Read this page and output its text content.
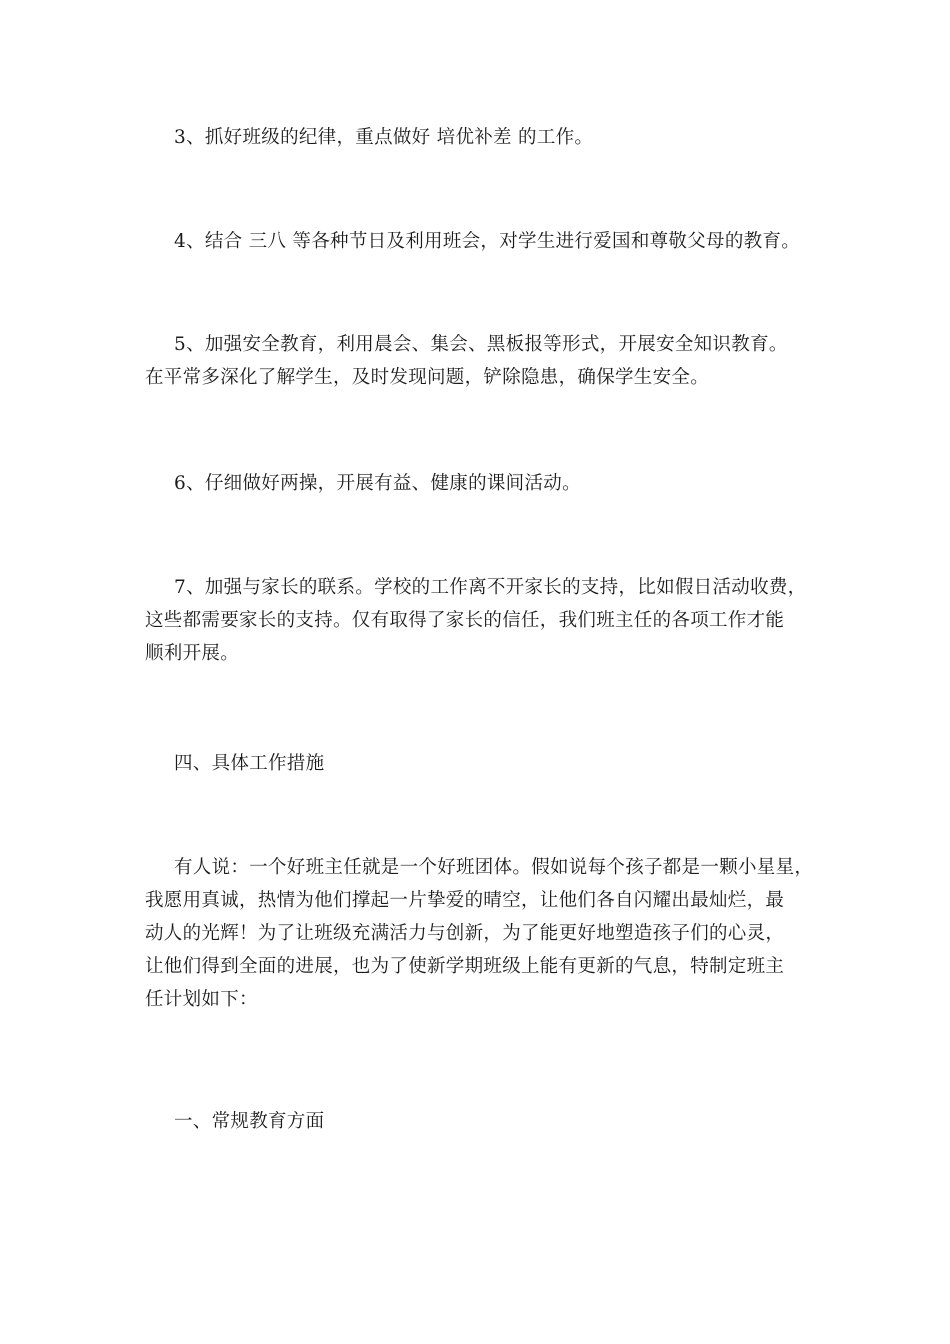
3、抓好班级的纪律，重点做好 培优补差 的工作。
4、结合 三八 等各种节日及利用班会，对学生进行爱国和尊敬父母的教育。
5、加强安全教育，利用晨会、集会、黑板报等形式，开展安全知识教育。
在平常多深化了解学生，及时发现问题，铲除隐患，确保学生安全。
6、仔细做好两操，开展有益、健康的课间活动。
7、加强与家长的联系。学校的工作离不开家长的支持，比如假日活动收费，
这些都需要家长的支持。仅有取得了家长的信任，我们班主任的各项工作才能
顺利开展。
四、具体工作措施
有人说：一个好班主任就是一个好班团体。假如说每个孩子都是一颗小星星，
我愿用真诚，热情为他们撑起一片挚爱的晴空，让他们各自闪耀出最灿烂，最
动人的光辉！为了让班级充满活力与创新，为了能更好地塑造孩子们的心灵，
让他们得到全面的进展，也为了使新学期班级上能有更新的气息，特制定班主
任计划如下：
一、常规教育方面
